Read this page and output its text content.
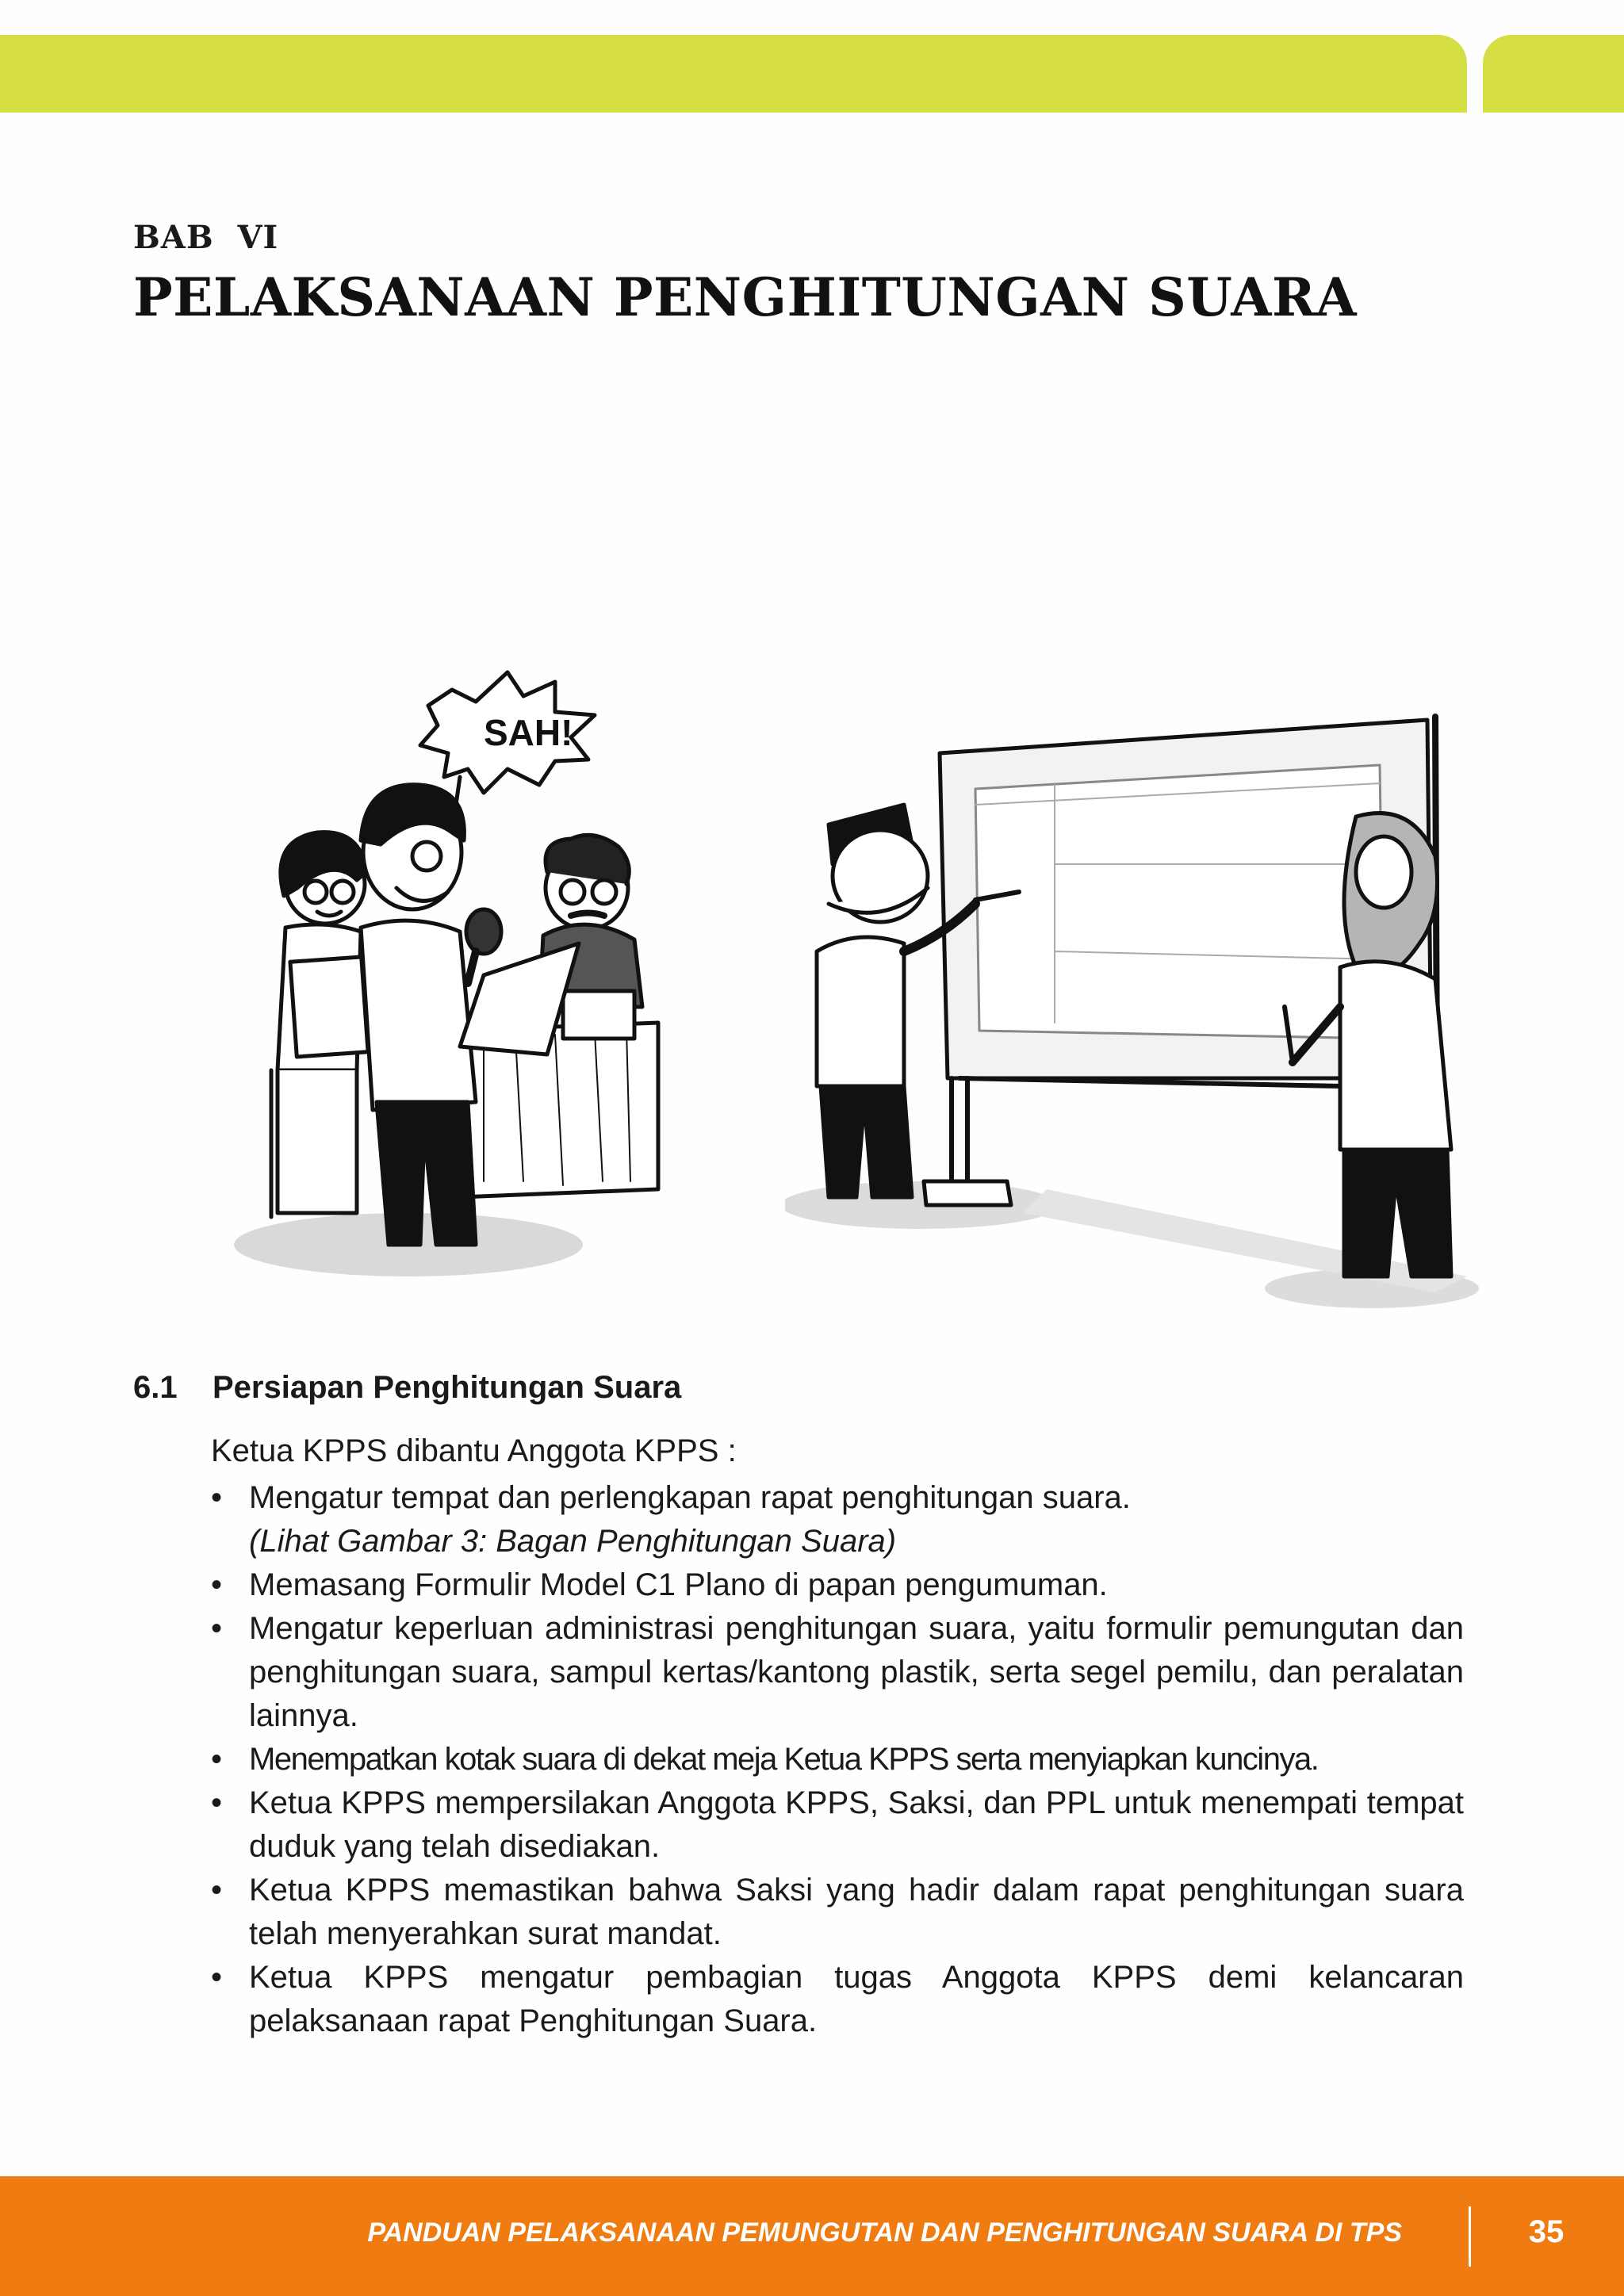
BAB  VI
PELAKSANAAN PENGHITUNGAN SUARA
SAH!
6.1 Persiapan Penghitungan Suara
Ketua KPPS dibantu Anggota KPPS :
• Mengatur tempat dan perlengkapan rapat penghitungan suara.
(Lihat Gambar 3: Bagan Penghitungan Suara)
• Memasang Formulir Model C1 Plano di papan pengumuman.
• Mengatur keperluan administrasi penghitungan suara, yaitu formulir pemungutan dan penghitungan suara, sampul kertas/kantong plastik, serta segel pemilu, dan peralatan lainnya.
• Menempatkan kotak suara di dekat meja Ketua KPPS serta menyiapkan kuncinya.
• Ketua KPPS mempersilakan Anggota KPPS, Saksi, dan PPL untuk menempati tempat duduk yang telah disediakan.
• Ketua KPPS memastikan bahwa Saksi yang hadir dalam rapat penghitungan suara telah menyerahkan surat mandat.
• Ketua KPPS mengatur pembagian tugas Anggota KPPS demi kelancaran pelaksanaan rapat Penghitungan Suara.
PANDUAN PELAKSANAAN PEMUNGUTAN DAN PENGHITUNGAN SUARA DI TPS	35
